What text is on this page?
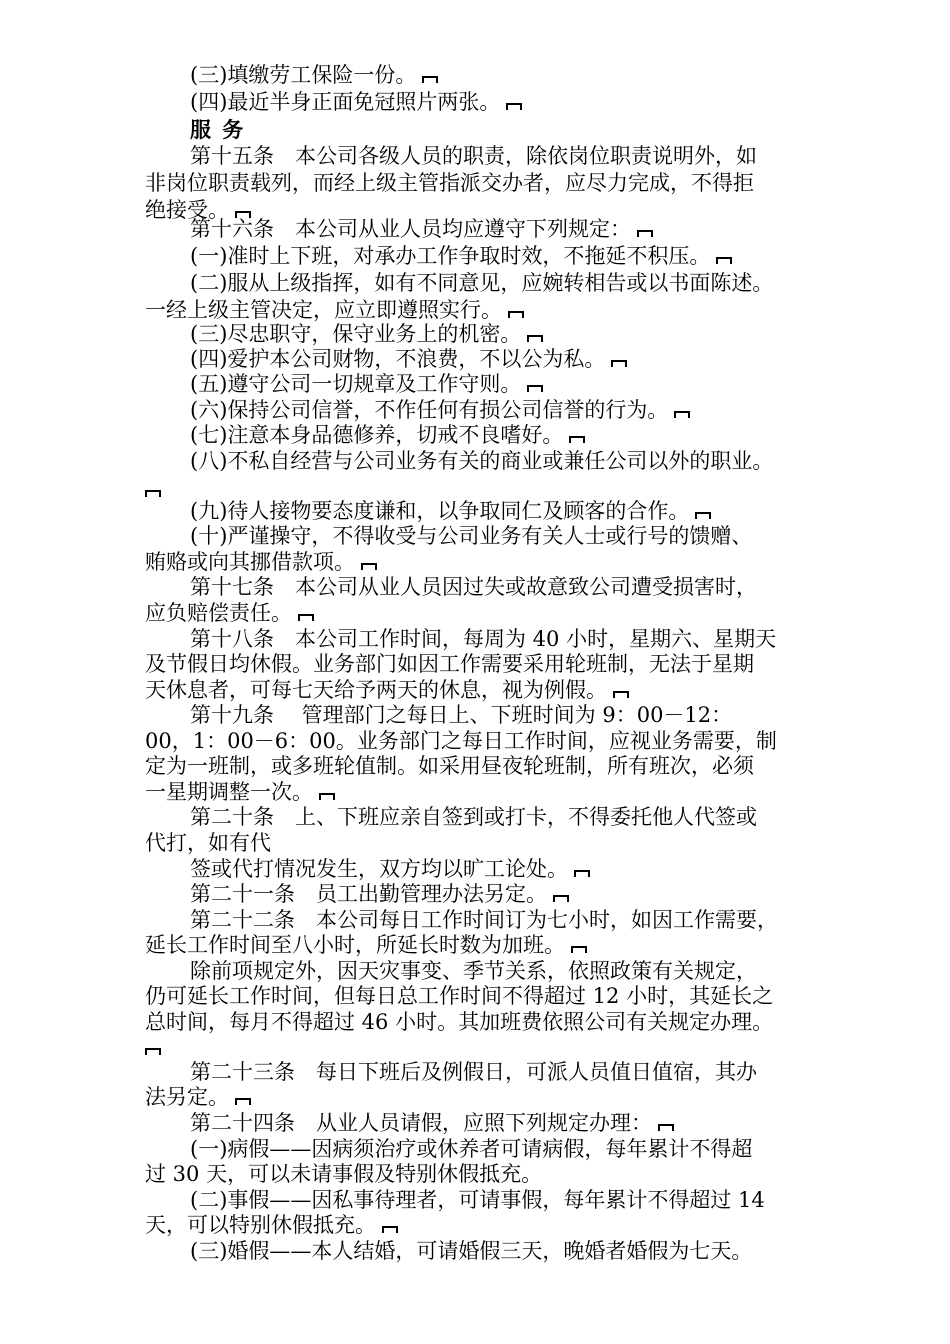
(三)填缴劳工保险一份。
(四)最近半身正面免冠照片两张。
服 务
第十五条　本公司各级人员的职责，除依岗位职责说明外，如
非岗位职责载列，而经上级主管指派交办者，应尽力完成，不得拒
绝接受。
第十六条　本公司从业人员均应遵守下列规定：
(一)准时上下班，对承办工作争取时效，不拖延不积压。
(二)服从上级指挥，如有不同意见，应婉转相告或以书面陈述。
一经上级主管决定，应立即遵照实行。
(三)尽忠职守，保守业务上的机密。
(四)爱护本公司财物，不浪费，不以公为私。
(五)遵守公司一切规章及工作守则。
(六)保持公司信誉，不作任何有损公司信誉的行为。
(七)注意本身品德修养，切戒不良嗜好。
(八)不私自经营与公司业务有关的商业或兼任公司以外的职业。
(九)待人接物要态度谦和，以争取同仁及顾客的合作。
(十)严谨操守，不得收受与公司业务有关人士或行号的馈赠、
贿赂或向其挪借款项。
第十七条　本公司从业人员因过失或故意致公司遭受损害时，
应负赔偿责任。
第十八条　本公司工作时间，每周为 40 小时，星期六、星期天
及节假日均休假。业务部门如因工作需要采用轮班制，无法于星期
天休息者，可每七天给予两天的休息，视为例假。
第十九条　 管理部门之每日上、下班时间为 9：00－12：
00，1：00－6：00。业务部门之每日工作时间，应视业务需要，制
定为一班制，或多班轮值制。如采用昼夜轮班制，所有班次，必须
一星期调整一次。
第二十条　上、下班应亲自签到或打卡，不得委托他人代签或
代打，如有代
签或代打情况发生，双方均以旷工论处。
第二十一条　员工出勤管理办法另定。
第二十二条　本公司每日工作时间订为七小时，如因工作需要，
延长工作时间至八小时，所延长时数为加班。
除前项规定外，因天灾事变、季节关系，依照政策有关规定，
仍可延长工作时间，但每日总工作时间不得超过 12 小时，其延长之
总时间，每月不得超过 46 小时。其加班费依照公司有关规定办理。
第二十三条　每日下班后及例假日，可派人员值日值宿，其办
法另定。
第二十四条　从业人员请假，应照下列规定办理：
(一)病假——因病须治疗或休养者可请病假，每年累计不得超
过 30 天，可以未请事假及特别休假抵充。
(二)事假——因私事待理者，可请事假，每年累计不得超过 14
天，可以特别休假抵充。
(三)婚假——本人结婚，可请婚假三天，晚婚者婚假为七天。
